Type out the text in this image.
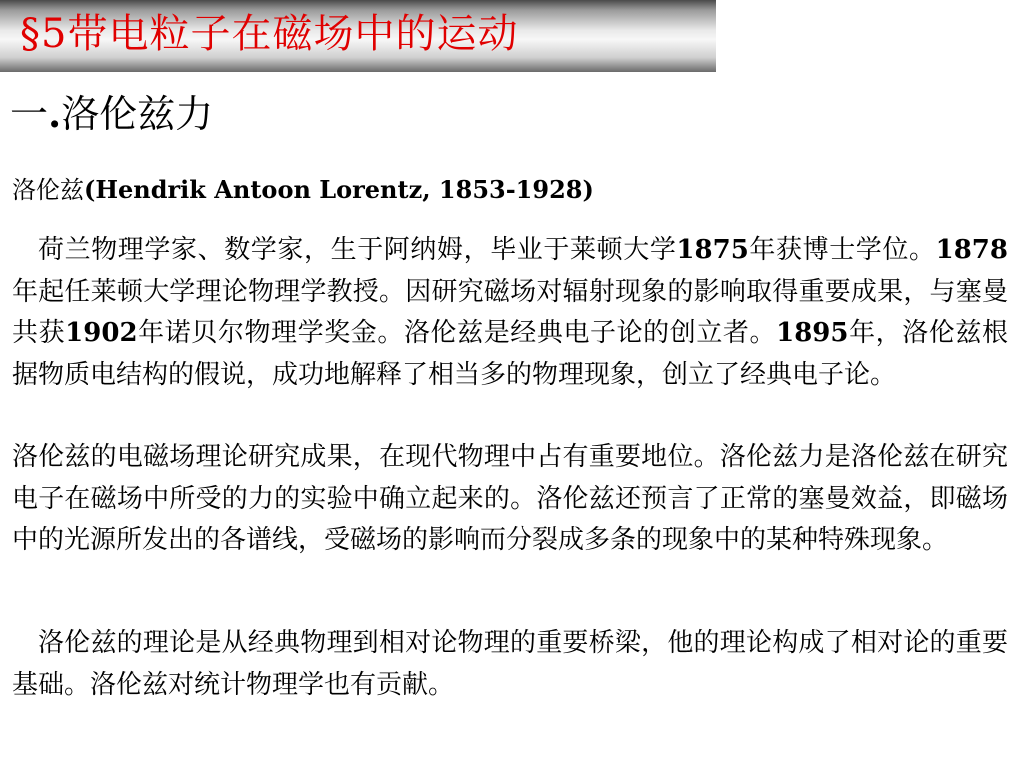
§5带电粒子在磁场中的运动
一.洛伦兹力
洛伦兹(Hendrik Antoon Lorentz, 1853-1928)
荷兰物理学家、数学家，生于阿纳姆，毕业于莱顿大学1875年获博士学位。1878年起任莱顿大学理论物理学教授。因研究磁场对辐射现象的影响取得重要成果，与塞曼共获1902年诺贝尔物理学奖金。洛伦兹是经典电子论的创立者。1895年，洛伦兹根据物质电结构的假说，成功地解释了相当多的物理现象，创立了经典电子论。
洛伦兹的电磁场理论研究成果，在现代物理中占有重要地位。洛伦兹力是洛伦兹在研究电子在磁场中所受的力的实验中确立起来的。洛伦兹还预言了正常的塞曼效益，即磁场中的光源所发出的各谱线，受磁场的影响而分裂成多条的现象中的某种特殊现象。
洛伦兹的理论是从经典物理到相对论物理的重要桥梁，他的理论构成了相对论的重要基础。洛伦兹对统计物理学也有贡献。
